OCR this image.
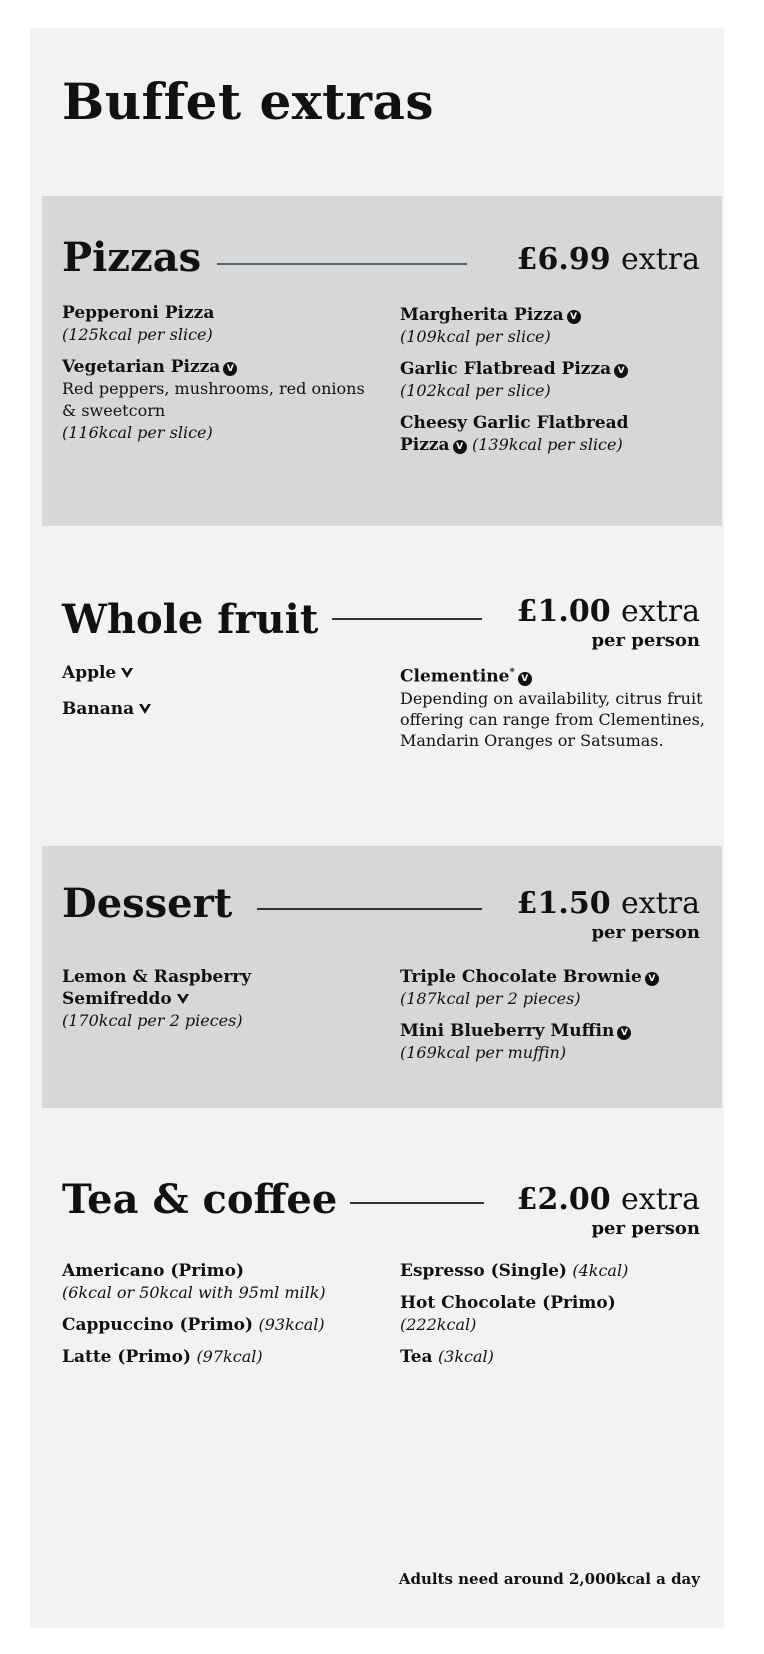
Buffet extras
Pizzas	£6.99 extra
Pepperoni Pizza
(125kcal per slice)
Vegetarian Pizza V
Red peppers, mushrooms, red onions & sweetcorn
(116kcal per slice)
Margherita Pizza V
(109kcal per slice)
Garlic Flatbread Pizza V
(102kcal per slice)
Cheesy Garlic Flatbread
Pizza V (139kcal per slice)
Whole fruit	£1.00 extra
per person
Apple
Banana
Clementine*V
Depending on availability, citrus fruit offering can range from Clementines, Mandarin Oranges or Satsumas.
Dessert	£1.50 extra
per person
Lemon & Raspberry
Semifreddo
(170kcal per 2 pieces)
Triple Chocolate Brownie V
(187kcal per 2 pieces)
Mini Blueberry Muffin V
(169kcal per muffin)
Tea & coffee	£2.00 extra
per person
Americano (Primo)
(6kcal or 50kcal with 95ml milk)
Cappuccino (Primo) (93kcal)
Latte (Primo) (97kcal)
Espresso (Single) (4kcal)
Hot Chocolate (Primo)
(222kcal)
Tea (3kcal)

Adults need around 2,000kcal a day
